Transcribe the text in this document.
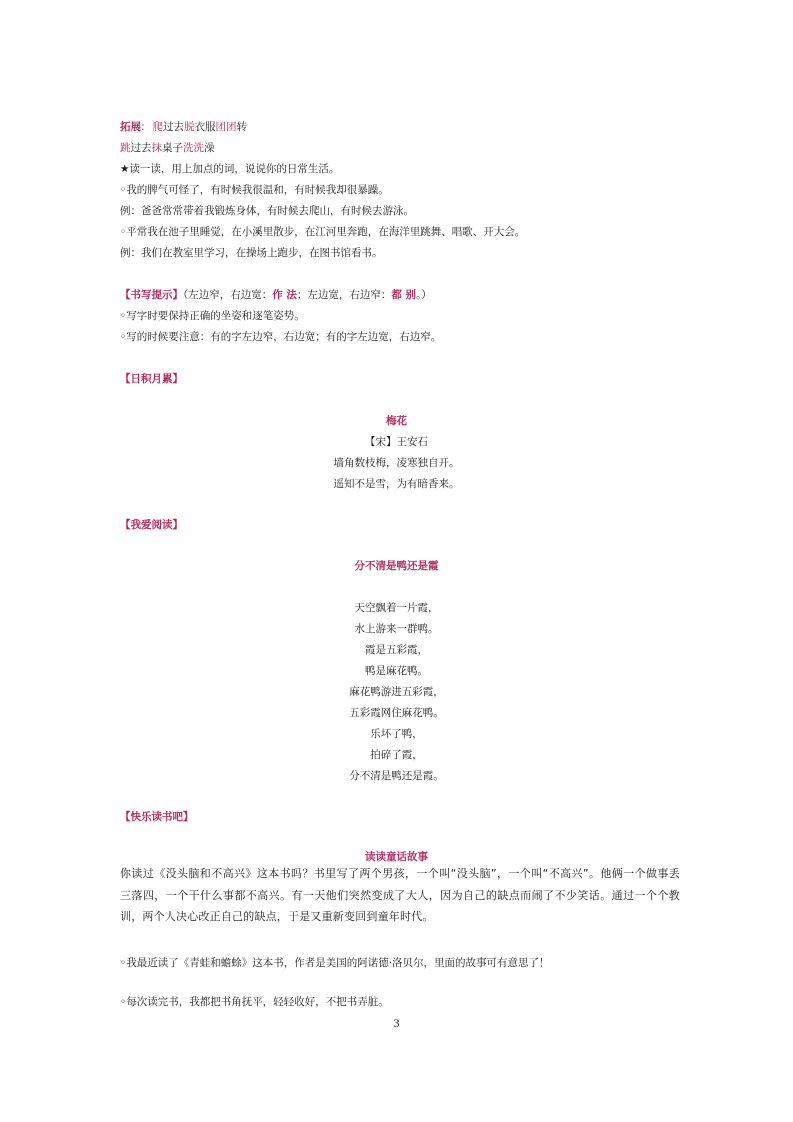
拓展: 爬过去脱衣服团团转
跳过去抹桌子洗洗澡
★读一读，用上加点的词，说说你的日常生活。
◦我的脾气可怪了，有时候我很温和，有时候我却很暴躁。
例：爸爸常常带着我锻炼身体，有时候去爬山，有时候去游泳。
◦平常我在池子里睡觉，在小溪里散步，在江河里奔跑，在海洋里跳舞、唱歌、开大会。
例：我们在教室里学习，在操场上跑步，在图书馆看书。
【书写提示】（左边窄，右边宽：作 法；左边宽，右边窄：都 别。）
◦写字时要保持正确的坐姿和逐笔姿势。
◦写的时候要注意：有的字左边窄，右边宽；有的字左边宽，右边窄。
【日积月累】
梅花
【宋】王安石
墙角数枝梅，凌寒独自开。
遥知不是雪，为有暗香来。
【我爱阅读】
分不清是鸭还是霞
天空飘着一片霞，
水上游来一群鸭。
霞是五彩霞，
鸭是麻花鸭。
麻花鸭游进五彩霞，
五彩霞网住麻花鸭。
乐坏了鸭，
拍碎了霞，
分不清是鸭还是霞。
【快乐读书吧】
读读童话故事
你读过《没头脑和不高兴》这本书吗？书里写了两个男孩，一个叫“没头脑”，一个叫“不高兴”。他俩一个做事丢三落四，一个干什么事都不高兴。有一天他们突然变成了大人，因为自己的缺点而闹了不少笑话。通过一个个教训，两个人决心改正自己的缺点，于是又重新变回到童年时代。
◦我最近读了《青蛙和蟾蜍》这本书，作者是美国的阿诺德·洛贝尔，里面的故事可有意思了！
◦每次读完书，我都把书角抚平，轻轻收好，不把书弄脏。
3
